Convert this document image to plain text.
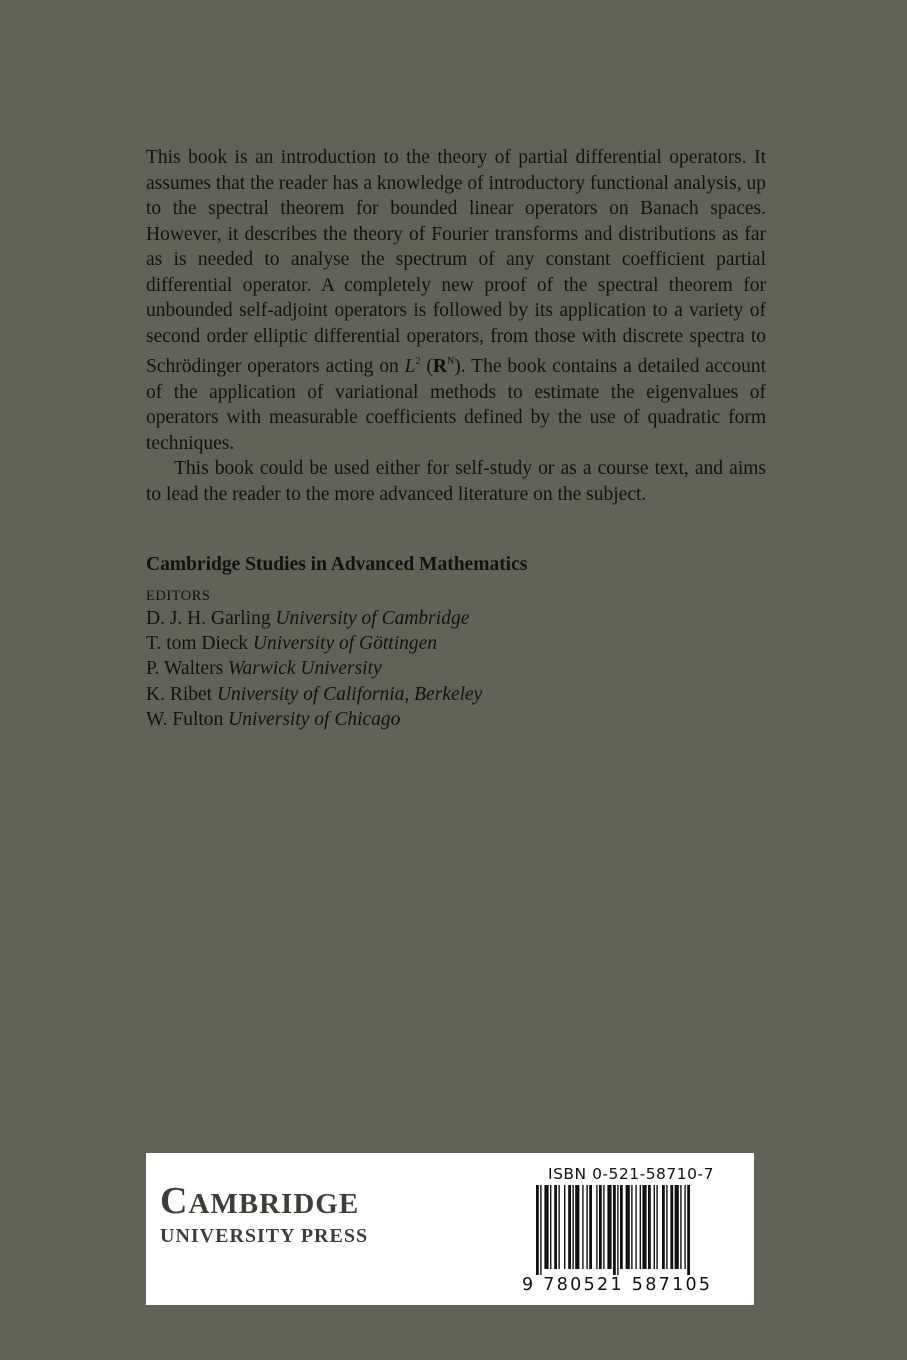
This book is an introduction to the theory of partial differential operators. It assumes that the reader has a knowledge of introductory functional analysis, up to the spectral theorem for bounded linear operators on Banach spaces. However, it describes the theory of Fourier transforms and distributions as far as is needed to analyse the spectrum of any constant coefficient partial differential operator. A completely new proof of the spectral theorem for unbounded self-adjoint operators is followed by its application to a variety of second order elliptic differential operators, from those with discrete spectra to Schrödinger operators acting on $L^2$ $(R^N)$. The book contains a detailed account of the application of variational methods to estimate the eigenvalues of operators with measurable coefficients defined by the use of quadratic form techniques.

This book could be used either for self-study or as a course text, and aims to lead the reader to the more advanced literature on the subject.

Cambridge Studies in Advanced Mathematics
EDITORS
D. J. H. Garling University of Cambridge
T. tom Dieck University of Göttingen
P. Walters Warwick University
K. Ribet University of California, Berkeley
W. Fulton University of Chicago
CAMBRIDGE
UNIVERSITY PRESS
ISBN 0-521-58710-7
9 780521 587105
